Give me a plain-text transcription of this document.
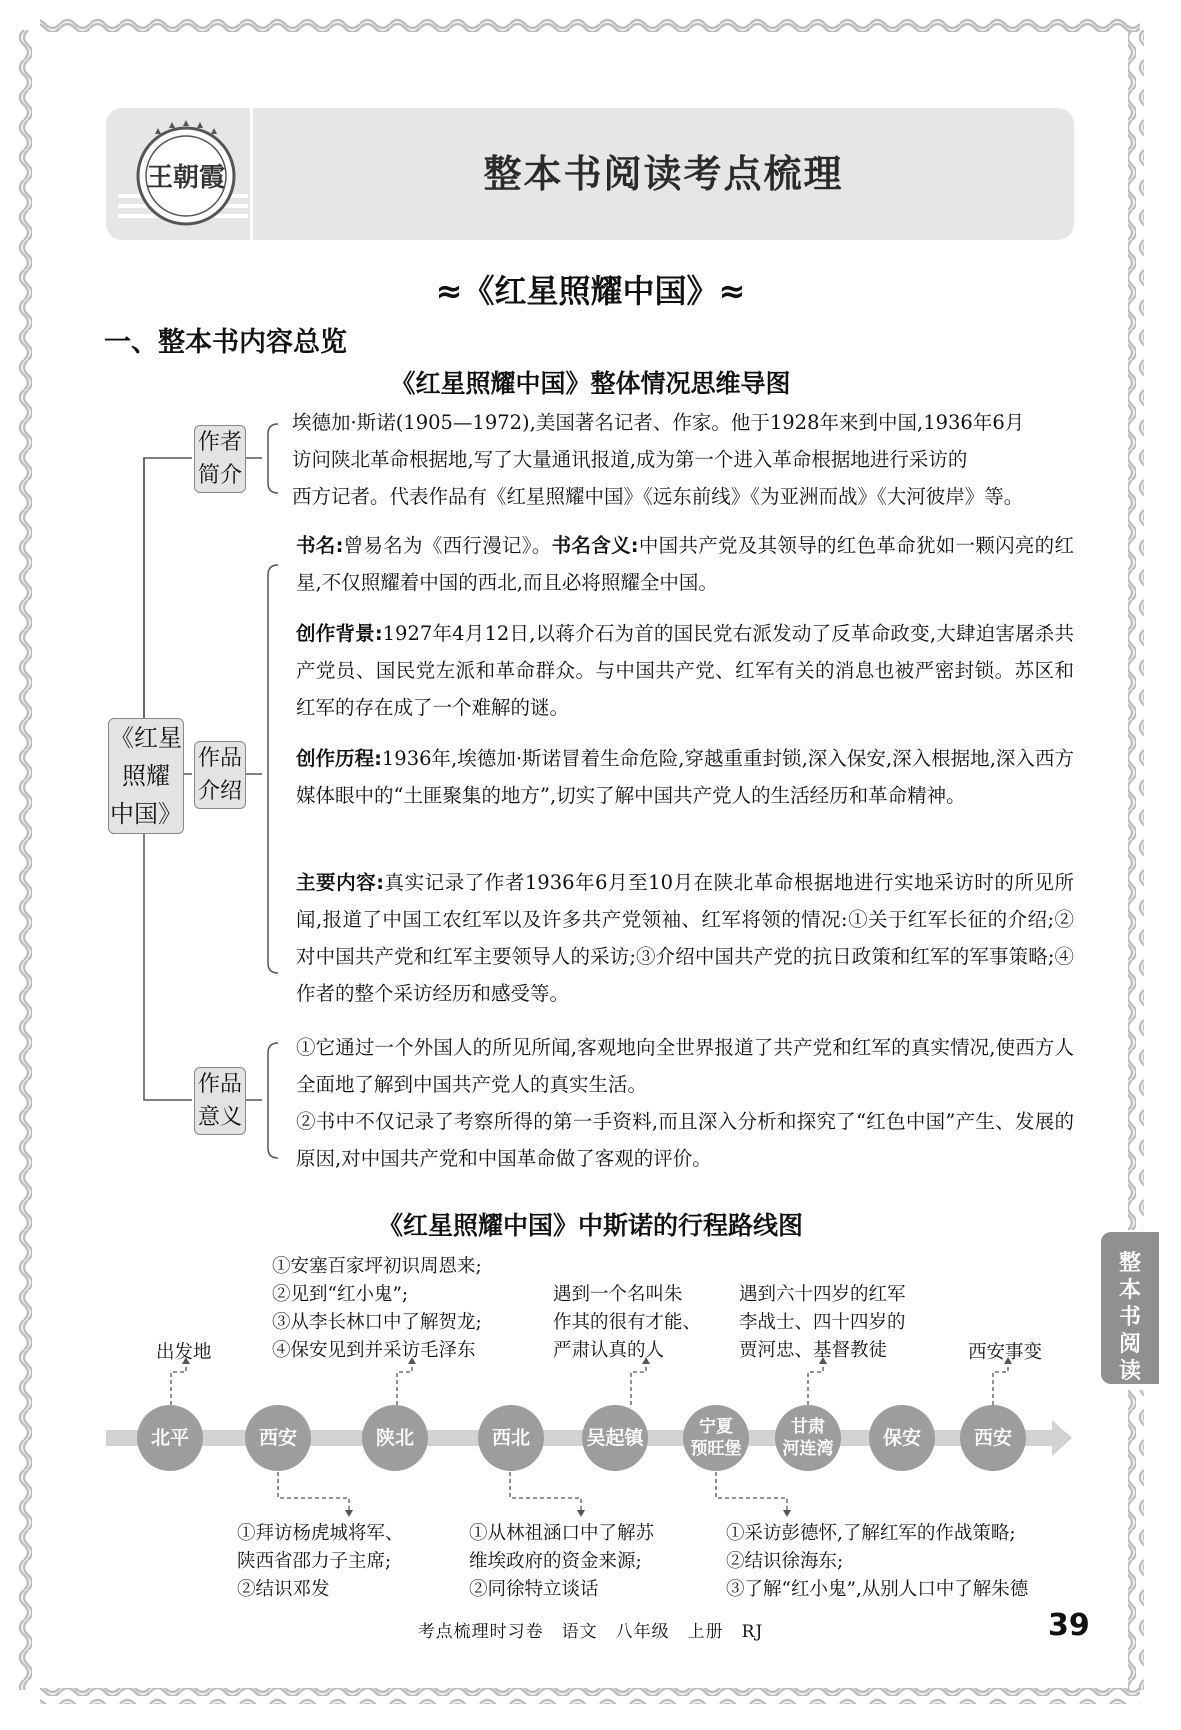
王朝霞	整本书阅读考点梳理
≈《红星照耀中国》≈
一、整本书内容总览
《红星照耀中国》整体情况思维导图
《红星
照耀
中国》
作者
简介
作品
介绍
作品
意义
埃德加·斯诺(1905—1972),美国著名记者、作家。他于1928年来到中国,1936年6月
访问陕北革命根据地,写了大量通讯报道,成为第一个进入革命根据地进行采访的
西方记者。代表作品有《红星照耀中国》《远东前线》《为亚洲而战》《大河彼岸》等。
书名:曾易名为《西行漫记》。书名含义:中国共产党及其领导的红色革命犹如一颗闪亮的红星,不仅照耀着中国的西北,而且必将照耀全中国。
创作背景:1927年4月12日,以蒋介石为首的国民党右派发动了反革命政变,大肆迫害屠杀共产党员、国民党左派和革命群众。与中国共产党、红军有关的消息也被严密封锁。苏区和红军的存在成了一个难解的谜。
创作历程:1936年,埃德加·斯诺冒着生命危险,穿越重重封锁,深入保安,深入根据地,深入西方媒体眼中的“土匪聚集的地方”,切实了解中国共产党人的生活经历和革命精神。
主要内容:真实记录了作者1936年6月至10月在陕北革命根据地进行实地采访时的所见所闻,报道了中国工农红军以及许多共产党领袖、红军将领的情况:①关于红军长征的介绍;②对中国共产党和红军主要领导人的采访;③介绍中国共产党的抗日政策和红军的军事策略;④作者的整个采访经历和感受等。
①它通过一个外国人的所见所闻,客观地向全世界报道了共产党和红军的真实情况,使西方人全面地了解到中国共产党人的真实生活。
②书中不仅记录了考察所得的第一手资料,而且深入分析和探究了“红色中国”产生、发展的原因,对中国共产党和中国革命做了客观的评价。
《红星照耀中国》中斯诺的行程路线图
北平	西安	陕北	西北	吴起镇	宁夏
预旺堡
甘肃
河连湾	保安	西安
出发地
①安塞百家坪初识周恩来;
②见到“红小鬼”;
③从李长林口中了解贺龙;
④保安见到并采访毛泽东
遇到一个名叫朱
作其的很有才能、
严肃认真的人
遇到六十四岁的红军
李战士、四十四岁的
贾河忠、基督教徒	西安事变
①拜访杨虎城将军、
陕西省邵力子主席;
②结识邓发
①从林祖涵口中了解苏
维埃政府的资金来源;
②同徐特立谈话
①采访彭德怀,了解红军的作战策略;
②结识徐海东;
③了解“红小鬼”,从别人口中了解朱德
整本书阅读
考点梳理时习卷　语文　八年级　上册　RJ	39
